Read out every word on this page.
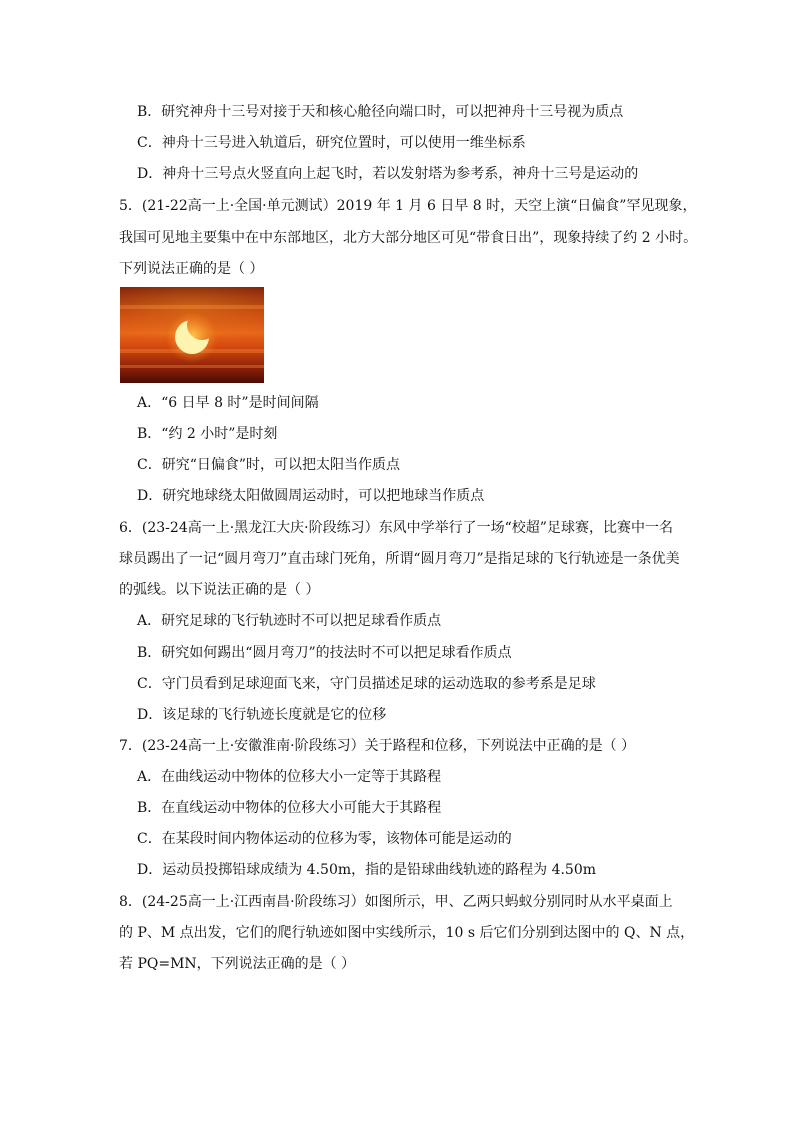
B．研究神舟十三号对接于天和核心舱径向端口时，可以把神舟十三号视为质点
C．神舟十三号进入轨道后，研究位置时，可以使用一维坐标系
D．神舟十三号点火竖直向上起飞时，若以发射塔为参考系，神舟十三号是运动的
5．(21-22高一上·全国·单元测试）2019 年 1 月 6 日早 8 时，天空上演“日偏食”罕见现象，
我国可见地主要集中在中东部地区，北方大部分地区可见“带食日出”，现象持续了约 2 小时。
下列说法正确的是（ ）
A．“6 日早 8 时”是时间间隔
B．“约 2 小时”是时刻
C．研究“日偏食”时，可以把太阳当作质点
D．研究地球绕太阳做圆周运动时，可以把地球当作质点
6．(23-24高一上·黑龙江大庆·阶段练习）东风中学举行了一场“校超”足球赛，比赛中一名
球员踢出了一记“圆月弯刀”直击球门死角，所谓“圆月弯刀”是指足球的飞行轨迹是一条优美
的弧线。以下说法正确的是（ ）
A．研究足球的飞行轨迹时不可以把足球看作质点
B．研究如何踢出“圆月弯刀”的技法时不可以把足球看作质点
C．守门员看到足球迎面飞来，守门员描述足球的运动选取的参考系是足球
D．该足球的飞行轨迹长度就是它的位移
7．(23-24高一上·安徽淮南·阶段练习）关于路程和位移，下列说法中正确的是（ ）
A．在曲线运动中物体的位移大小一定等于其路程
B．在直线运动中物体的位移大小可能大于其路程
C．在某段时间内物体运动的位移为零，该物体可能是运动的
D．运动员投掷铅球成绩为 4.50m，指的是铅球曲线轨迹的路程为 4.50m
8．(24-25高一上·江西南昌·阶段练习）如图所示，甲、乙两只蚂蚁分别同时从水平桌面上
的 P、M 点出发，它们的爬行轨迹如图中实线所示，10 s 后它们分别到达图中的 Q、N 点，
若 PQ=MN，下列说法正确的是（ ）
